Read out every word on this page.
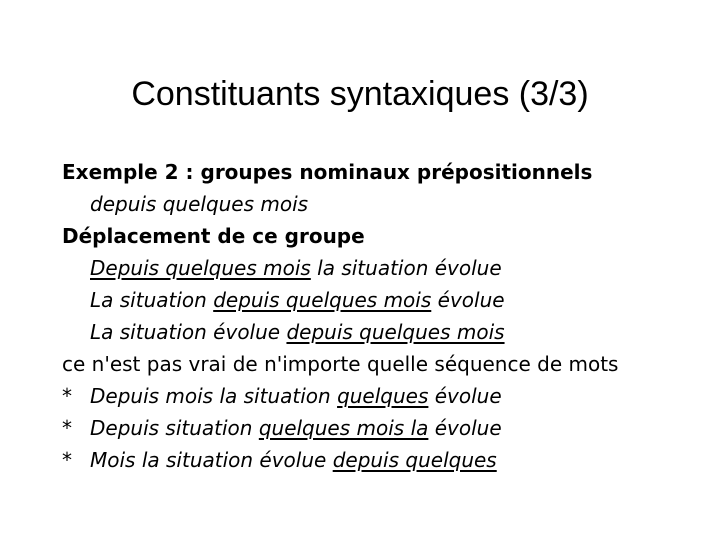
Constituants syntaxiques (3/3)
Exemple 2 : groupes nominaux prépositionnels
depuis quelques mois
Déplacement de ce groupe
Depuis quelques mois la situation évolue
La situation depuis quelques mois évolue
La situation évolue depuis quelques mois
ce n'est pas vrai de n'importe quelle séquence de mots
* Depuis mois la situation quelques évolue
* Depuis situation quelques mois la évolue
* Mois la situation évolue depuis quelques
